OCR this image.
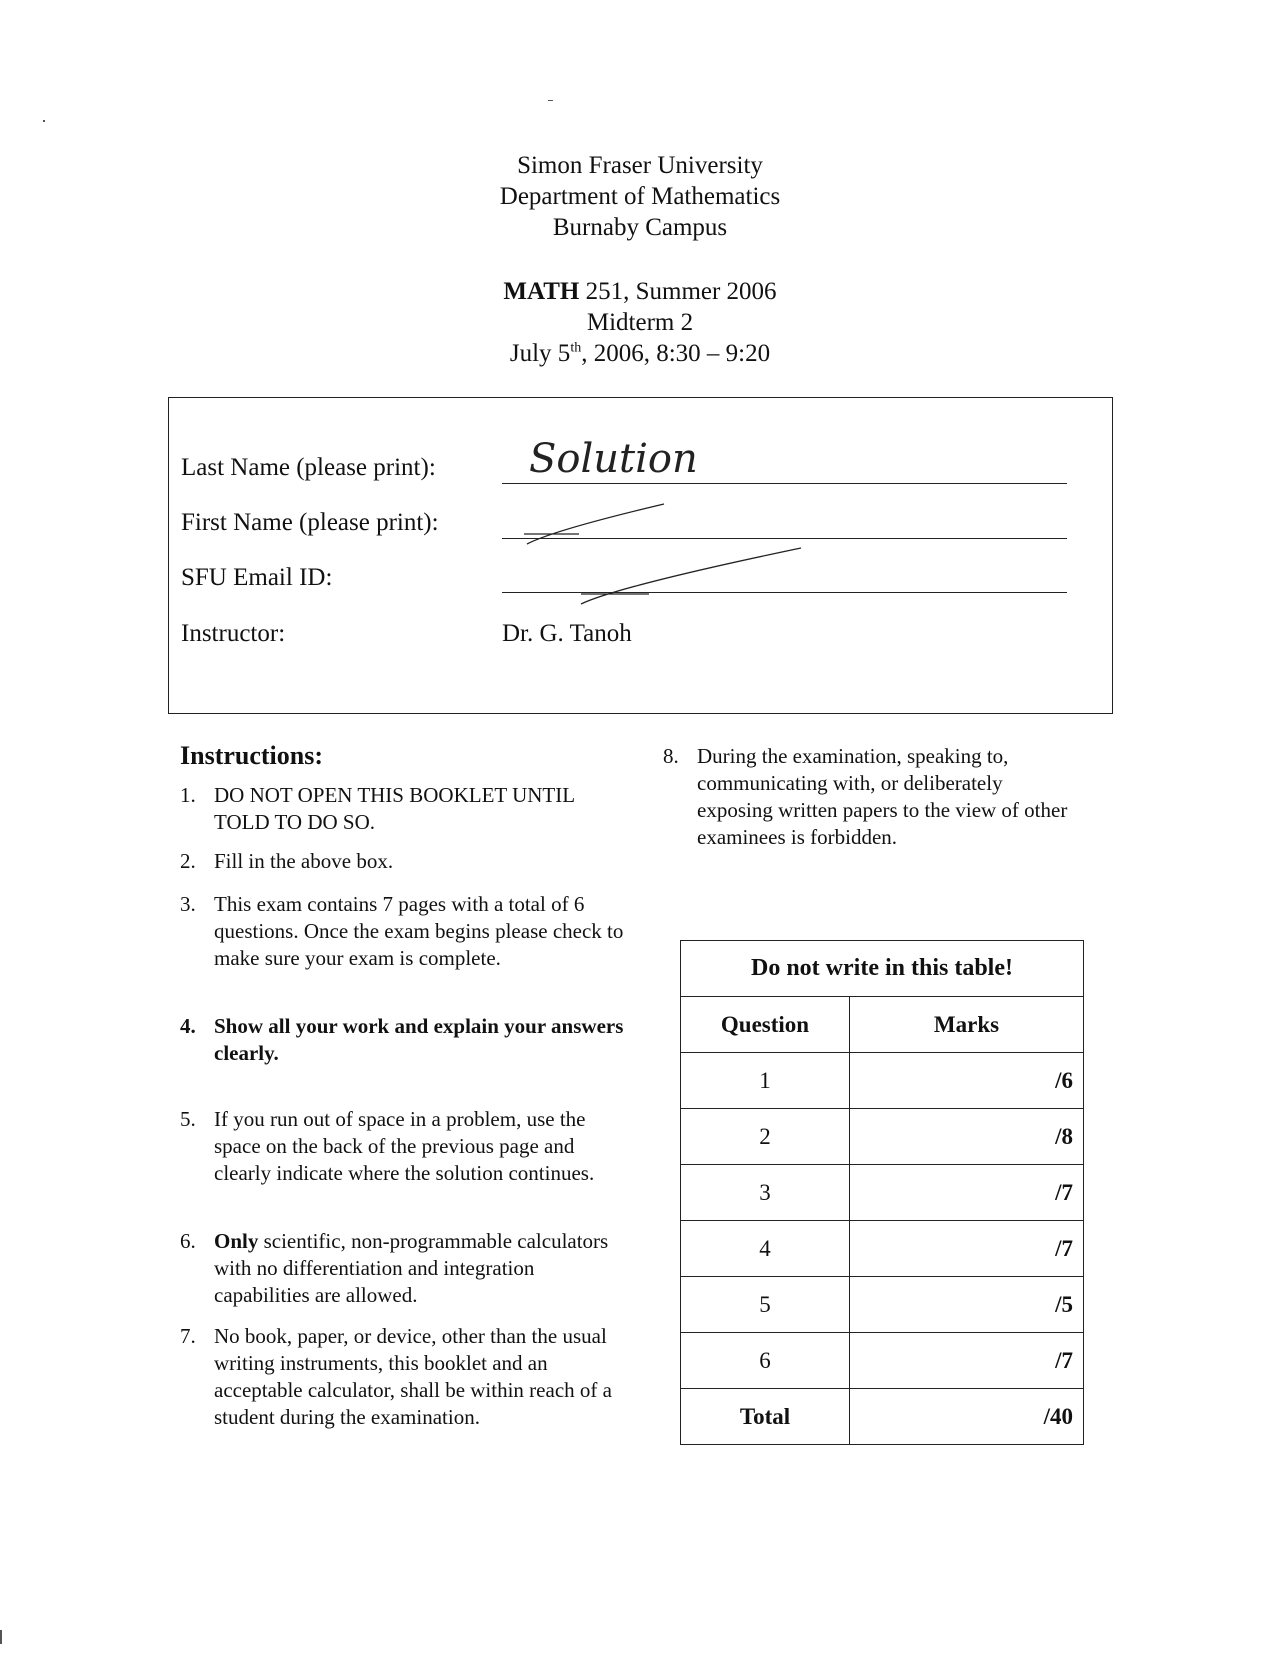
Simon Fraser University
Department of Mathematics
Burnaby Campus
MATH 251, Summer 2006
Midterm 2
July 5th, 2006, 8:30 – 9:20
Last Name (please print): Solution
First Name (please print):
SFU Email ID:
Instructor:	Dr. G. Tanoh
Instructions:
1. DO NOT OPEN THIS BOOKLET UNTIL TOLD TO DO SO.
2. Fill in the above box.
3. This exam contains 7 pages with a total of 6 questions. Once the exam begins please check to make sure your exam is complete.
4. Show all your work and explain your answers clearly.
5. If you run out of space in a problem, use the space on the back of the previous page and clearly indicate where the solution continues.
6. Only scientific, non-programmable calculators with no differentiation and integration capabilities are allowed.
7. No book, paper, or device, other than the usual writing instruments, this booklet and an acceptable calculator, shall be within reach of a student during the examination.
8. During the examination, speaking to, communicating with, or deliberately exposing written papers to the view of other examinees is forbidden.
Do not write in this table!	
Question	Marks
1	/6
2	/8
3	/7
4	/7
5	/5
6	/7
Total	/40
